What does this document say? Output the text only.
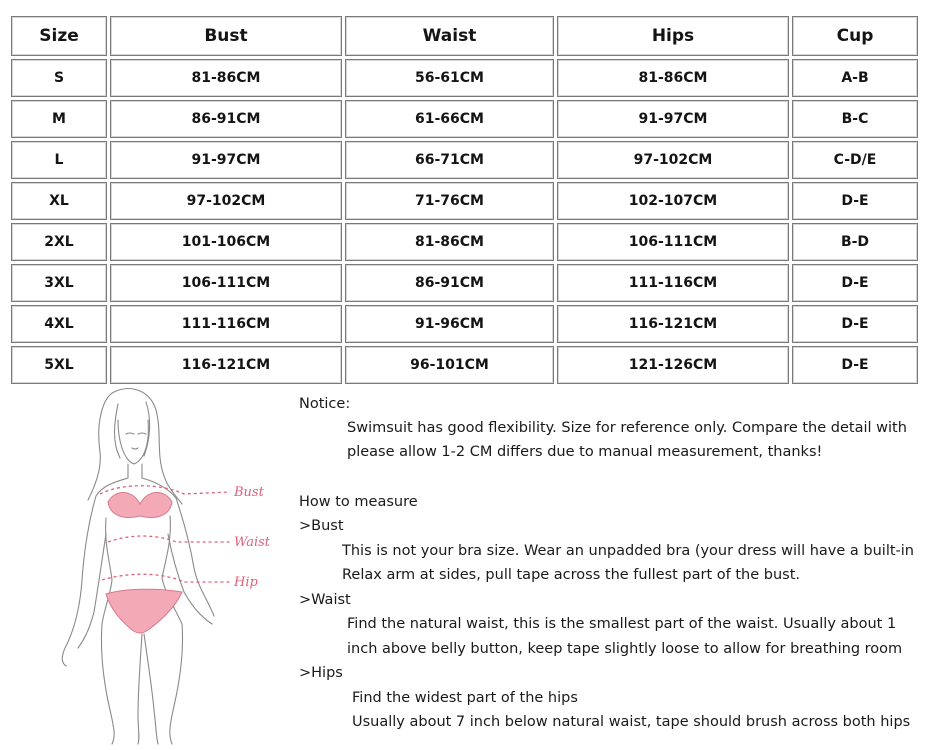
Size	Bust	Waist	Hips	Cup
S	81-86CM	56-61CM	81-86CM	A-B
M	86-91CM	61-66CM	91-97CM	B-C
L	91-97CM	66-71CM	97-102CM	C-D/E
XL	97-102CM	71-76CM	102-107CM	D-E
2XL	101-106CM	81-86CM	106-111CM	B-D
3XL	106-111CM	86-91CM	111-116CM	D-E
4XL	111-116CM	91-96CM	116-121CM	D-E
5XL	116-121CM	96-101CM	121-126CM	D-E
Bust
Waist
Hip
Notice:
Swimsuit has good flexibility. Size for reference only. Compare the detail with
please allow 1-2 CM differs due to manual measurement, thanks!
How to measure
>Bust
This is not your bra size. Wear an unpadded bra (your dress will have a built-in
Relax arm at sides, pull tape across the fullest part of the bust.
>Waist
Find the natural waist, this is the smallest part of the waist. Usually about 1
inch above belly button, keep tape slightly loose to allow for breathing room
>Hips
Find the widest part of the hips
Usually about 7 inch below natural waist, tape should brush across both hips
